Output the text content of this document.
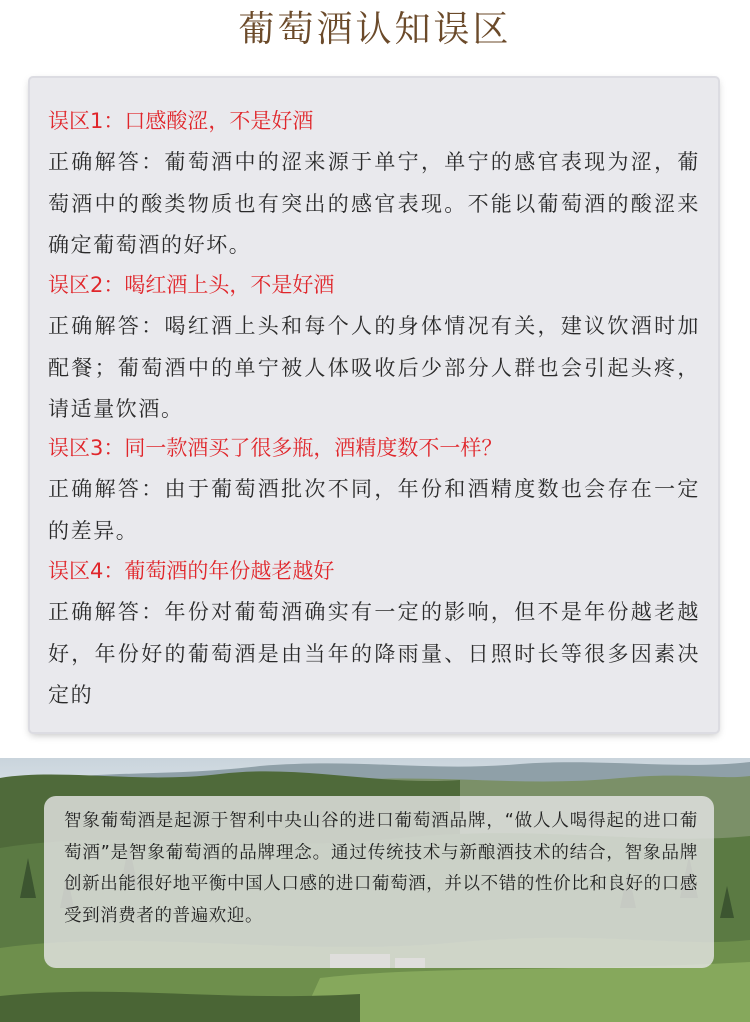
葡萄酒认知误区
误区1：口感酸涩，不是好酒
正确解答：葡萄酒中的涩来源于单宁，单宁的感官表现为涩，葡萄酒中的酸类物质也有突出的感官表现。不能以葡萄酒的酸涩来确定葡萄酒的好坏。
误区2：喝红酒上头，不是好酒
正确解答：喝红酒上头和每个人的身体情况有关，建议饮酒时加配餐；葡萄酒中的单宁被人体吸收后少部分人群也会引起头疼，请适量饮酒。
误区3：同一款酒买了很多瓶，酒精度数不一样？
正确解答：由于葡萄酒批次不同，年份和酒精度数也会存在一定的差异。
误区4：葡萄酒的年份越老越好
正确解答：年份对葡萄酒确实有一定的影响，但不是年份越老越好，年份好的葡萄酒是由当年的降雨量、日照时长等很多因素决定的
智象葡萄酒是起源于智利中央山谷的进口葡萄酒品牌，“做人人喝得起的进口葡萄酒”是智象葡萄酒的品牌理念。通过传统技术与新酿酒技术的结合，智象品牌创新出能很好地平衡中国人口感的进口葡萄酒，并以不错的性价比和良好的口感受到消费者的普遍欢迎。
